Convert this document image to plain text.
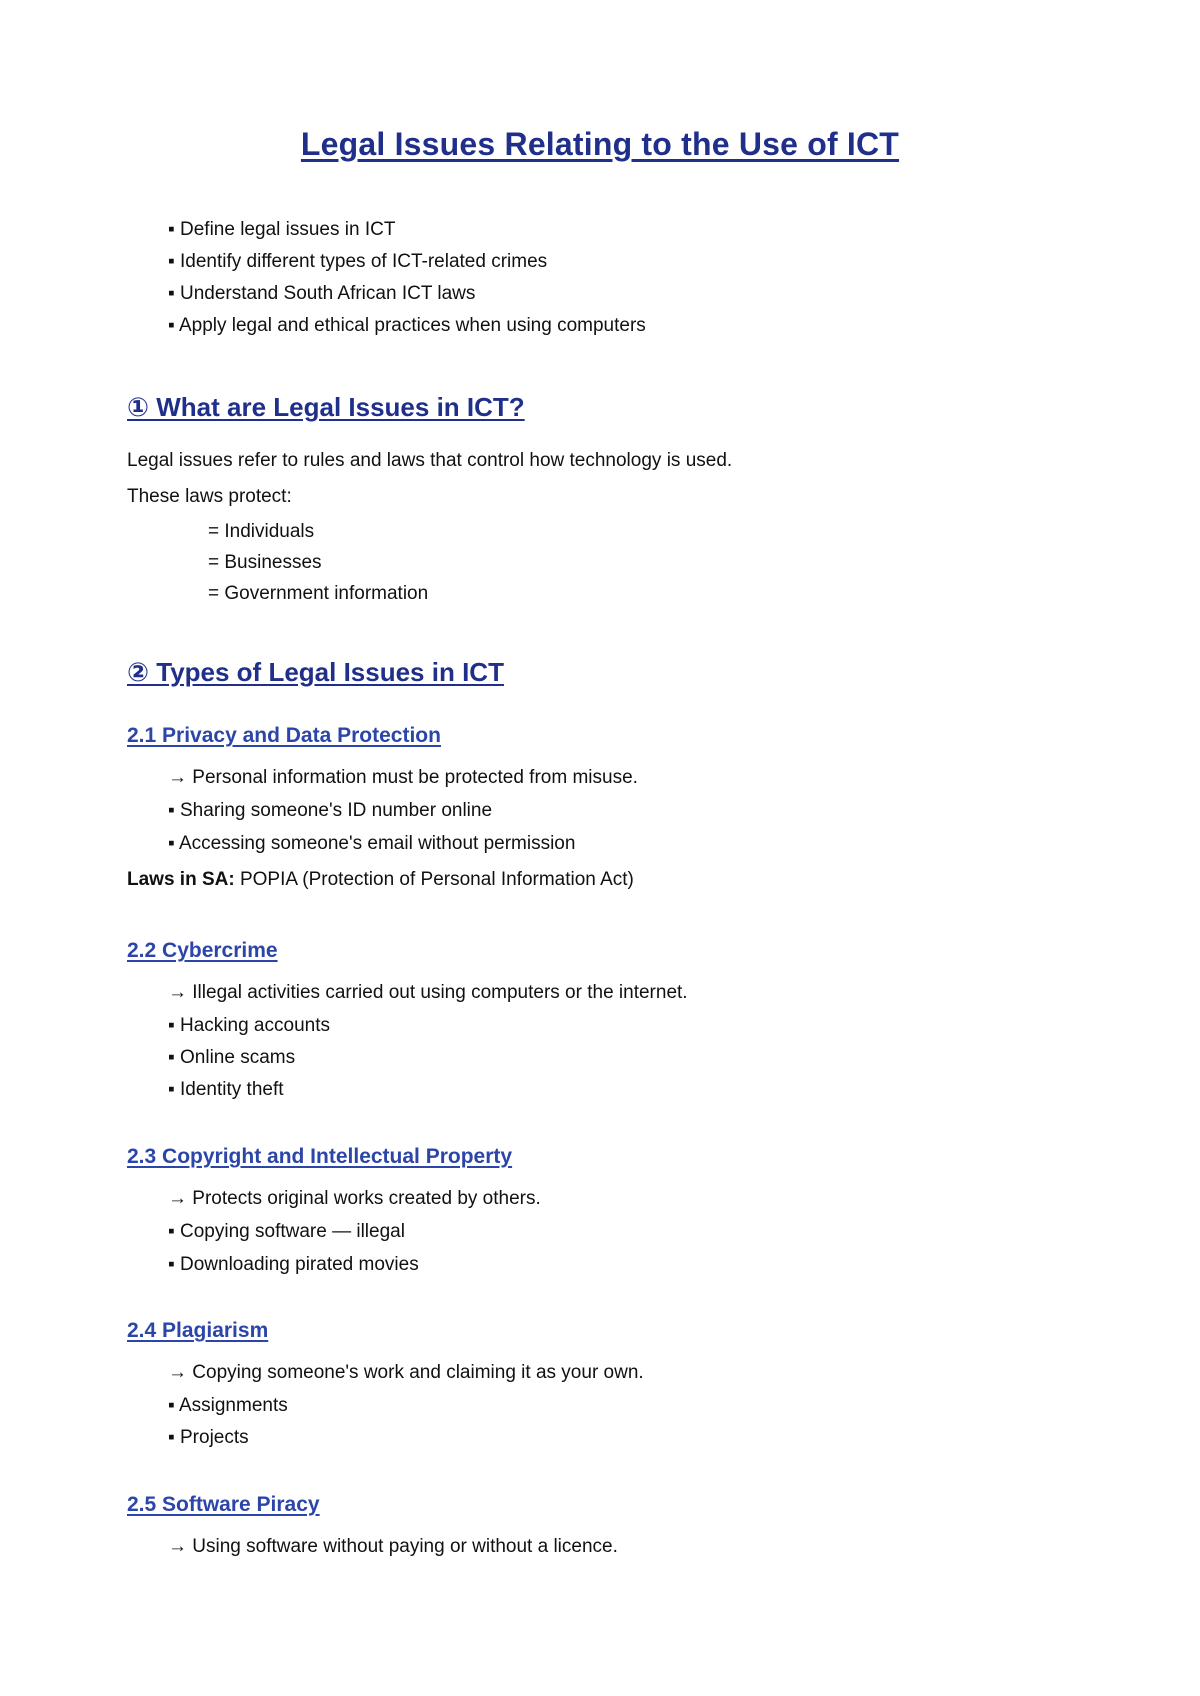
Legal Issues Relating to the Use of ICT
▪ Define legal issues in ICT
▪ Identify different types of ICT-related crimes
▪ Understand South African ICT laws
▪ Apply legal and ethical practices when using computers
① What are Legal Issues in ICT?
Legal issues refer to rules and laws that control how technology is used.
These laws protect:
= Individuals
= Businesses
= Government information
② Types of Legal Issues in ICT
2.1 Privacy and Data Protection
→ Personal information must be protected from misuse.
▪ Sharing someone's ID number online
▪ Accessing someone's email without permission
Laws in SA: POPIA (Protection of Personal Information Act)
2.2 Cybercrime
→ Illegal activities carried out using computers or the internet.
▪ Hacking accounts
▪ Online scams
▪ Identity theft
2.3 Copyright and Intellectual Property
→ Protects original works created by others.
▪ Copying software — illegal
▪ Downloading pirated movies
2.4 Plagiarism
→ Copying someone's work and claiming it as your own.
▪ Assignments
▪ Projects
2.5 Software Piracy
→ Using software without paying or without a licence.
